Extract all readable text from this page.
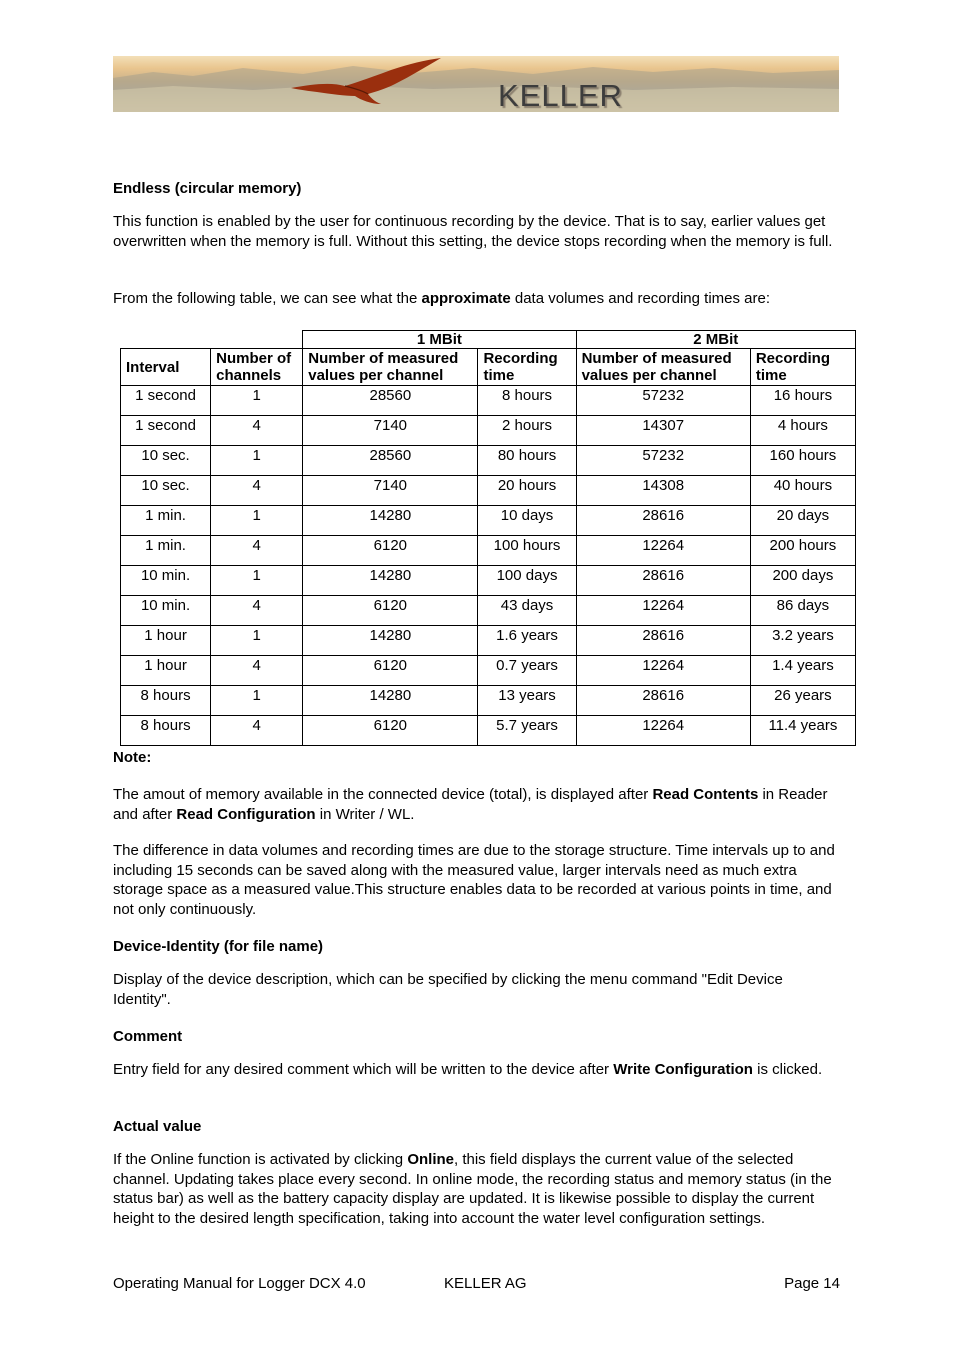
KELLER

Endless (circular memory)

This function is enabled by the user for continuous recording by the device. That is to say, earlier values get overwritten when the memory is full. Without this setting, the device stops recording when the memory is full.

From the following table, we can see what the approximate data volumes and recording times are:

		1 MBit		2 MBit	
Interval	Number of channels	Number of measured values per channel	Recording time	Number of measured values per channel	Recording time
1 second	1	28560	8 hours	57232	16 hours
1 second	4	7140	2 hours	14307	4 hours
10 sec.	1	28560	80 hours	57232	160 hours
10 sec.	4	7140	20 hours	14308	40 hours
1 min.	1	14280	10 days	28616	20 days
1 min.	4	6120	100 hours	12264	200 hours
10 min.	1	14280	100 days	28616	200 days
10 min.	4	6120	43 days	12264	86 days
1 hour	1	14280	1.6 years	28616	3.2 years
1 hour	4	6120	0.7 years	12264	1.4 years
8 hours	1	14280	13 years	28616	26 years
8 hours	4	6120	5.7 years	12264	11.4 years

Note:

The amout of memory available in the connected device (total), is displayed after Read Contents in Reader and after Read Configuration in Writer / WL.

The difference in data volumes and recording times are due to the storage structure. Time intervals up to and including 15 seconds can be saved along with the measured value, larger intervals need as much extra storage space as a measured value.This structure enables data to be recorded at various points in time, and not only continuously.

Device-Identity (for file name)

Display of the device description, which can be specified by clicking the menu command "Edit Device Identity".

Comment

Entry field for any desired comment which will be written to the device after Write Configuration is clicked.

Actual value

If the Online function is activated by clicking Online, this field displays the current value of the selected channel. Updating takes place every second. In online mode, the recording status and memory status (in the status bar) as well as the battery capacity display are updated. It is likewise possible to display the current height to the desired length specification, taking into account the water level configuration settings.

Operating Manual for Logger DCX 4.0	KELLER AG	Page 14
